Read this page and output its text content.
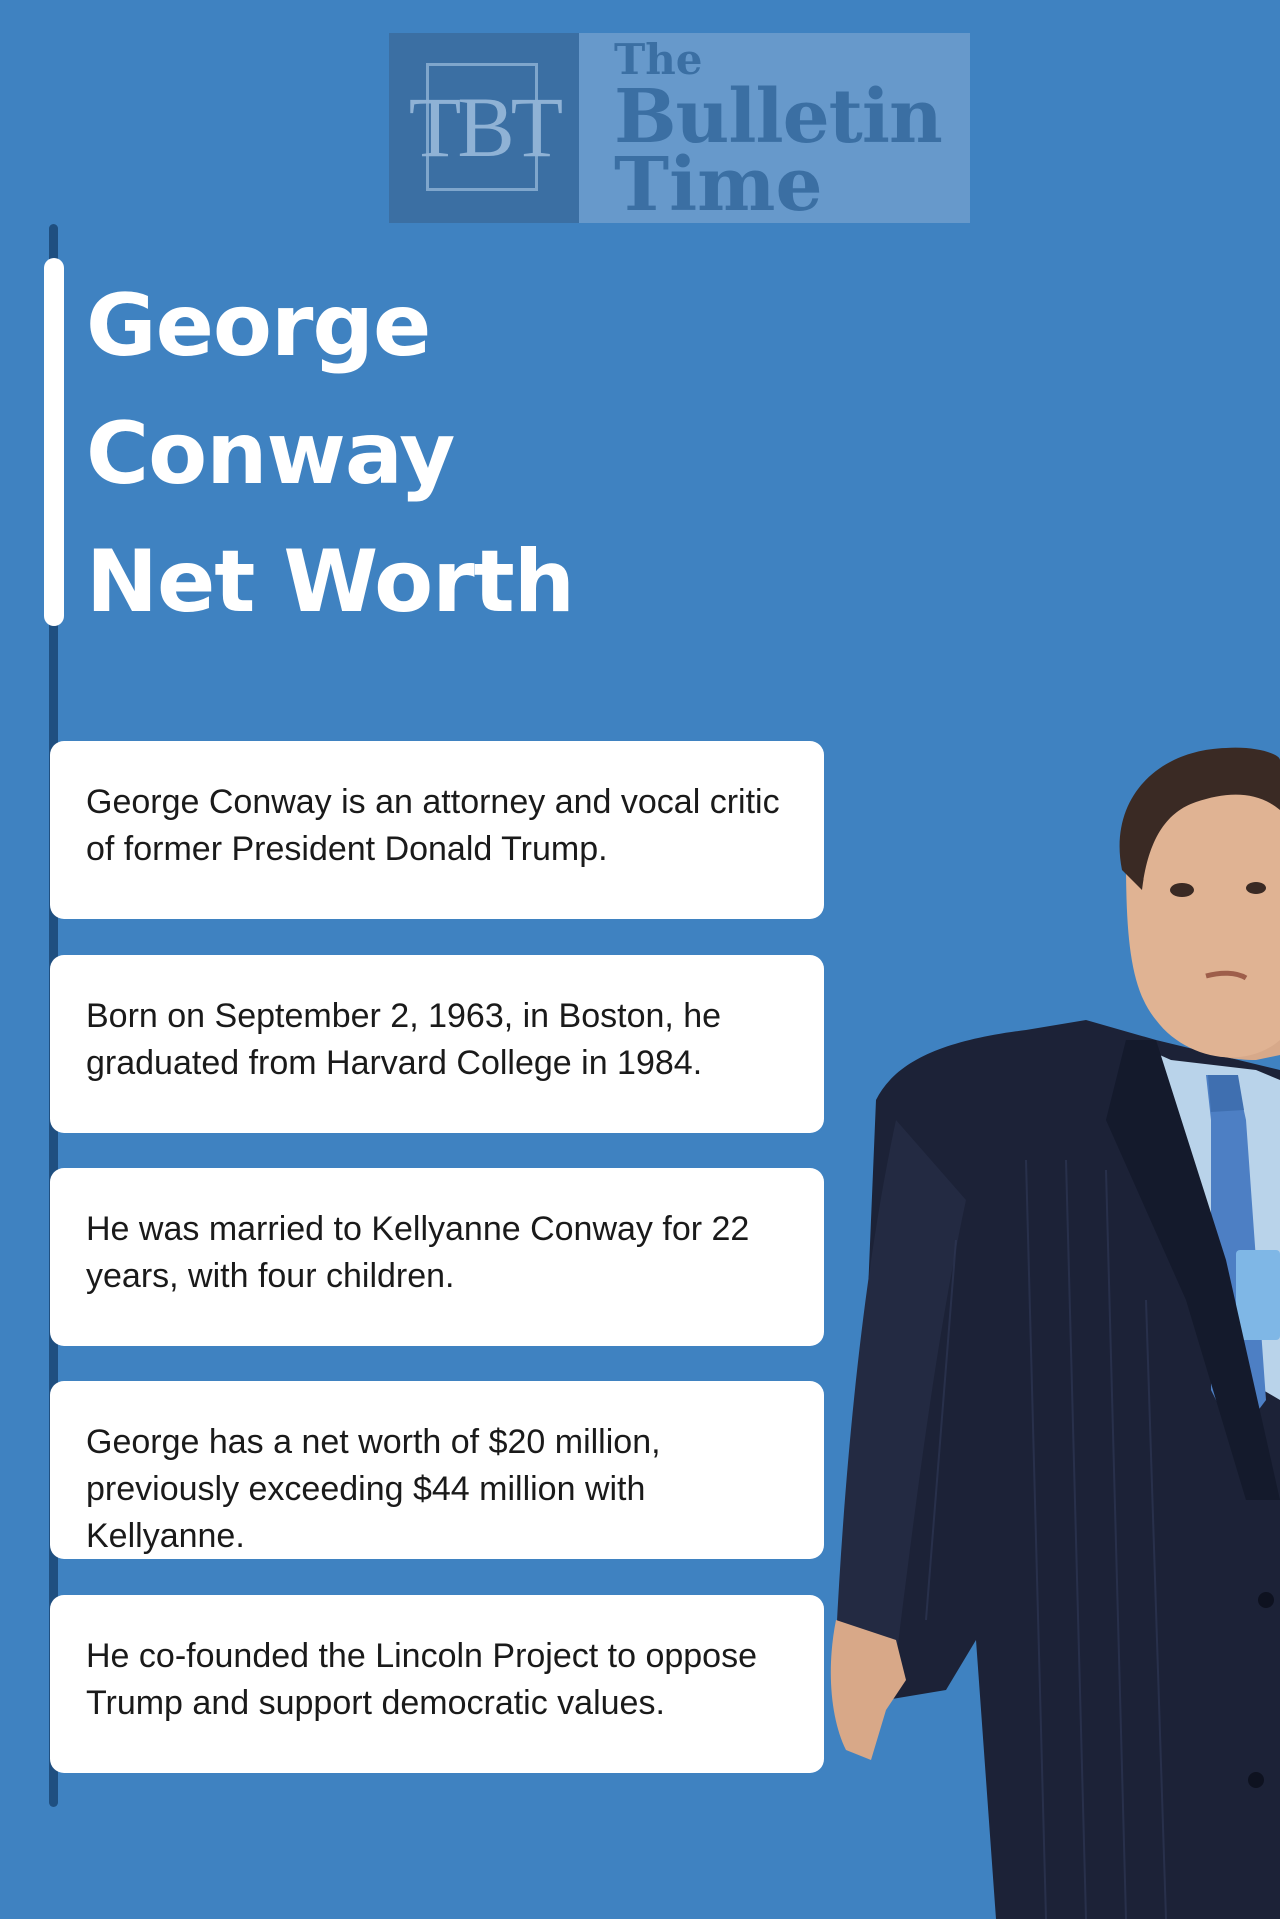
TBT
The
Bulletin
Time
George
Conway
Net Worth
George Conway is an attorney and vocal critic of former President Donald Trump.
Born on September 2, 1963, in Boston, he graduated from Harvard College in 1984.
He was married to Kellyanne Conway for 22 years, with four children.
George has a net worth of $20 million, previously exceeding $44 million with Kellyanne.
He co-founded the Lincoln Project to oppose Trump and support democratic values.
